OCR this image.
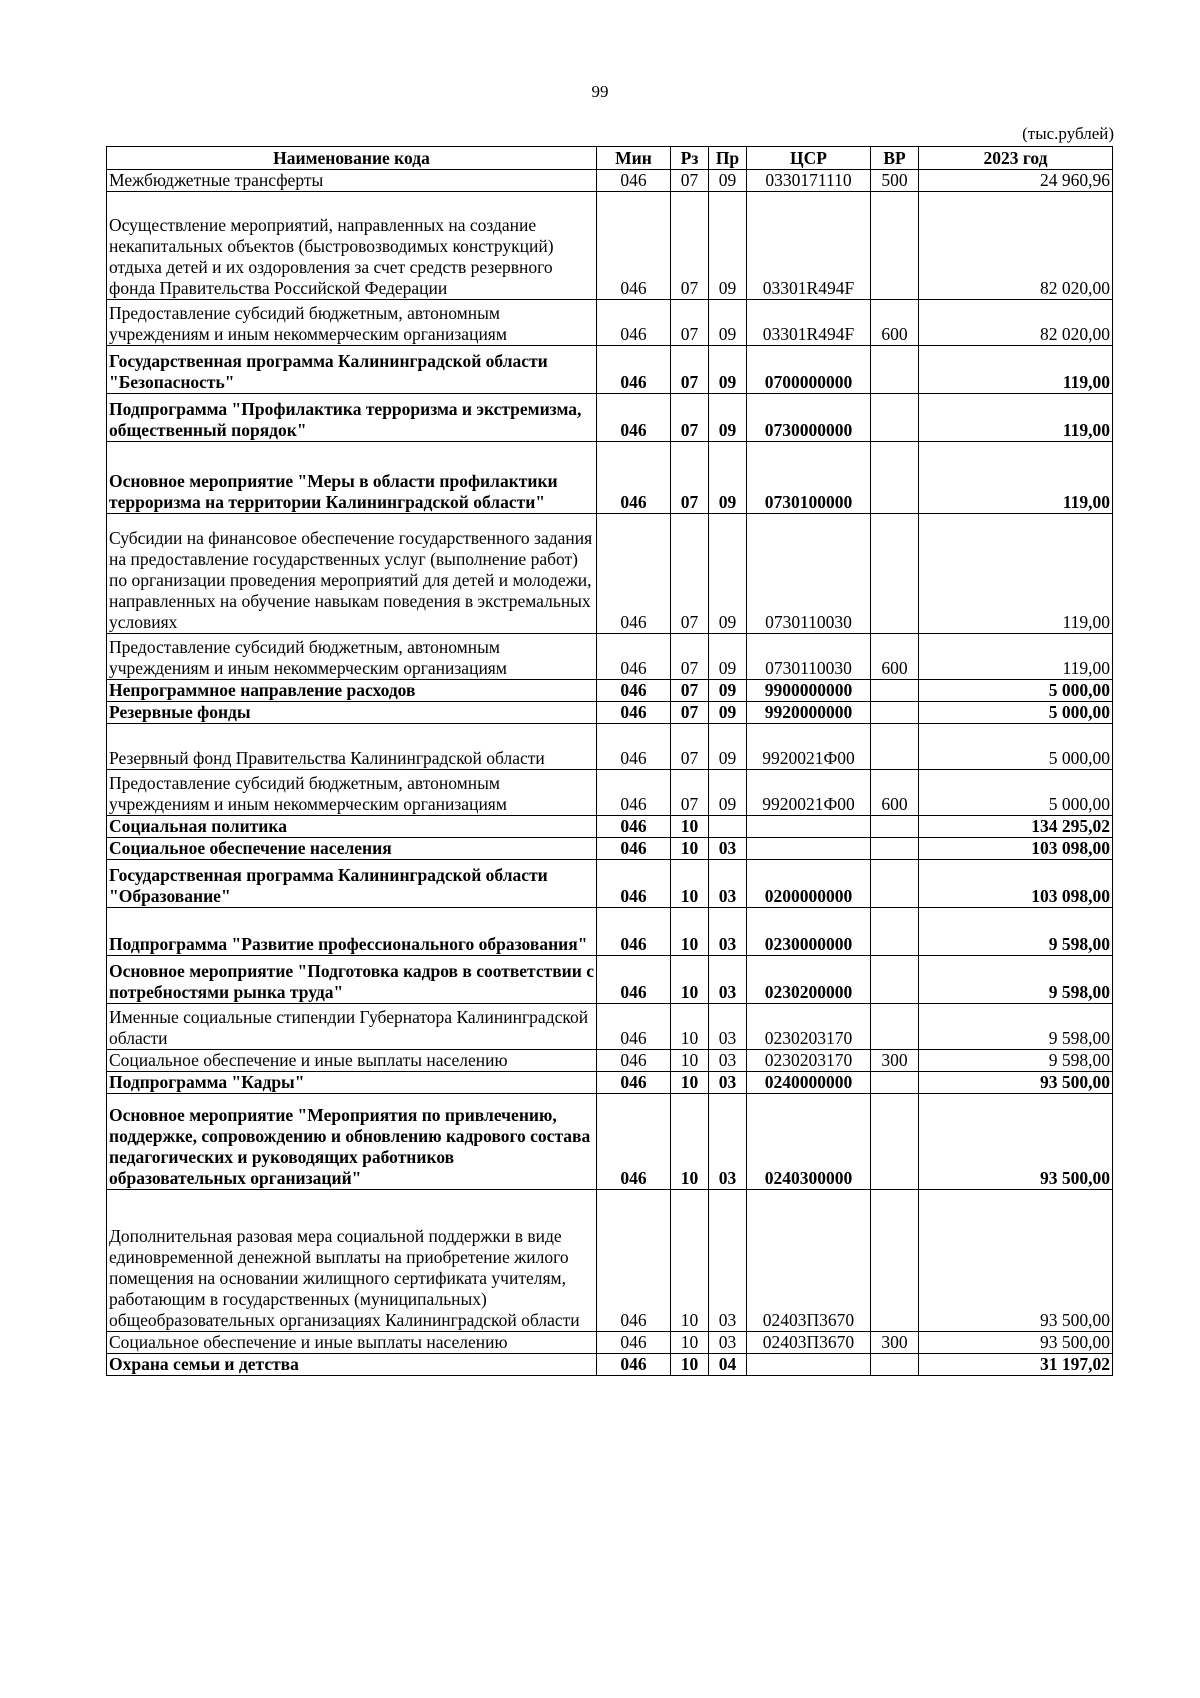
99
(тыс.рублей)
Наименование кода	Мин	Рз	Пр	ЦСР	ВР	2023 год
Межбюджетные трансферты	046	07	09	0330171110	500	24 960,96
Осуществление мероприятий, направленных на создание некапитальных объектов (быстровозводимых конструкций) отдыха детей и их оздоровления за счет средств резервного фонда Правительства Российской Федерации	046	07	09	03301R494F		82 020,00
Предоставление субсидий бюджетным, автономным учреждениям и иным некоммерческим организациям	046	07	09	03301R494F	600	82 020,00
Государственная программа Калининградской области "Безопасность"	046	07	09	0700000000		119,00
Подпрограмма "Профилактика терроризма и экстремизма, общественный порядок"	046	07	09	0730000000		119,00
Основное мероприятие "Меры в области профилактики терроризма на территории Калининградской области"	046	07	09	0730100000		119,00
Субсидии на финансовое обеспечение государственного задания на предоставление государственных услуг (выполнение работ) по организации проведения мероприятий для детей и молодежи, направленных на обучение навыкам поведения в экстремальных условиях	046	07	09	0730110030		119,00
Предоставление субсидий бюджетным, автономным учреждениям и иным некоммерческим организациям	046	07	09	0730110030	600	119,00
Непрограммное направление расходов	046	07	09	9900000000		5 000,00
Резервные фонды	046	07	09	9920000000		5 000,00
Резервный фонд Правительства Калининградской области	046	07	09	9920021Ф00		5 000,00
Предоставление субсидий бюджетным, автономным учреждениям и иным некоммерческим организациям	046	07	09	9920021Ф00	600	5 000,00
Социальная политика	046	10				134 295,02
Социальное обеспечение населения	046	10	03			103 098,00
Государственная программа Калининградской области "Образование"	046	10	03	0200000000		103 098,00
Подпрограмма "Развитие профессионального образования"	046	10	03	0230000000		9 598,00
Основное мероприятие "Подготовка кадров в соответствии с потребностями рынка труда"	046	10	03	0230200000		9 598,00
Именные социальные стипендии Губернатора Калининградской области	046	10	03	0230203170		9 598,00
Социальное обеспечение и иные выплаты населению	046	10	03	0230203170	300	9 598,00
Подпрограмма "Кадры"	046	10	03	0240000000		93 500,00
Основное мероприятие "Мероприятия по привлечению, поддержке, сопровождению и обновлению кадрового состава педагогических и руководящих работников образовательных организаций"	046	10	03	0240300000		93 500,00
Дополнительная разовая мера социальной поддержки в виде единовременной денежной выплаты на приобретение жилого помещения на основании жилищного сертификата учителям, работающим в государственных (муниципальных) общеобразовательных организациях Калининградской области	046	10	03	02403П3670		93 500,00
Социальное обеспечение и иные выплаты населению	046	10	03	02403П3670	300	93 500,00
Охрана семьи и детства	046	10	04			31 197,02
